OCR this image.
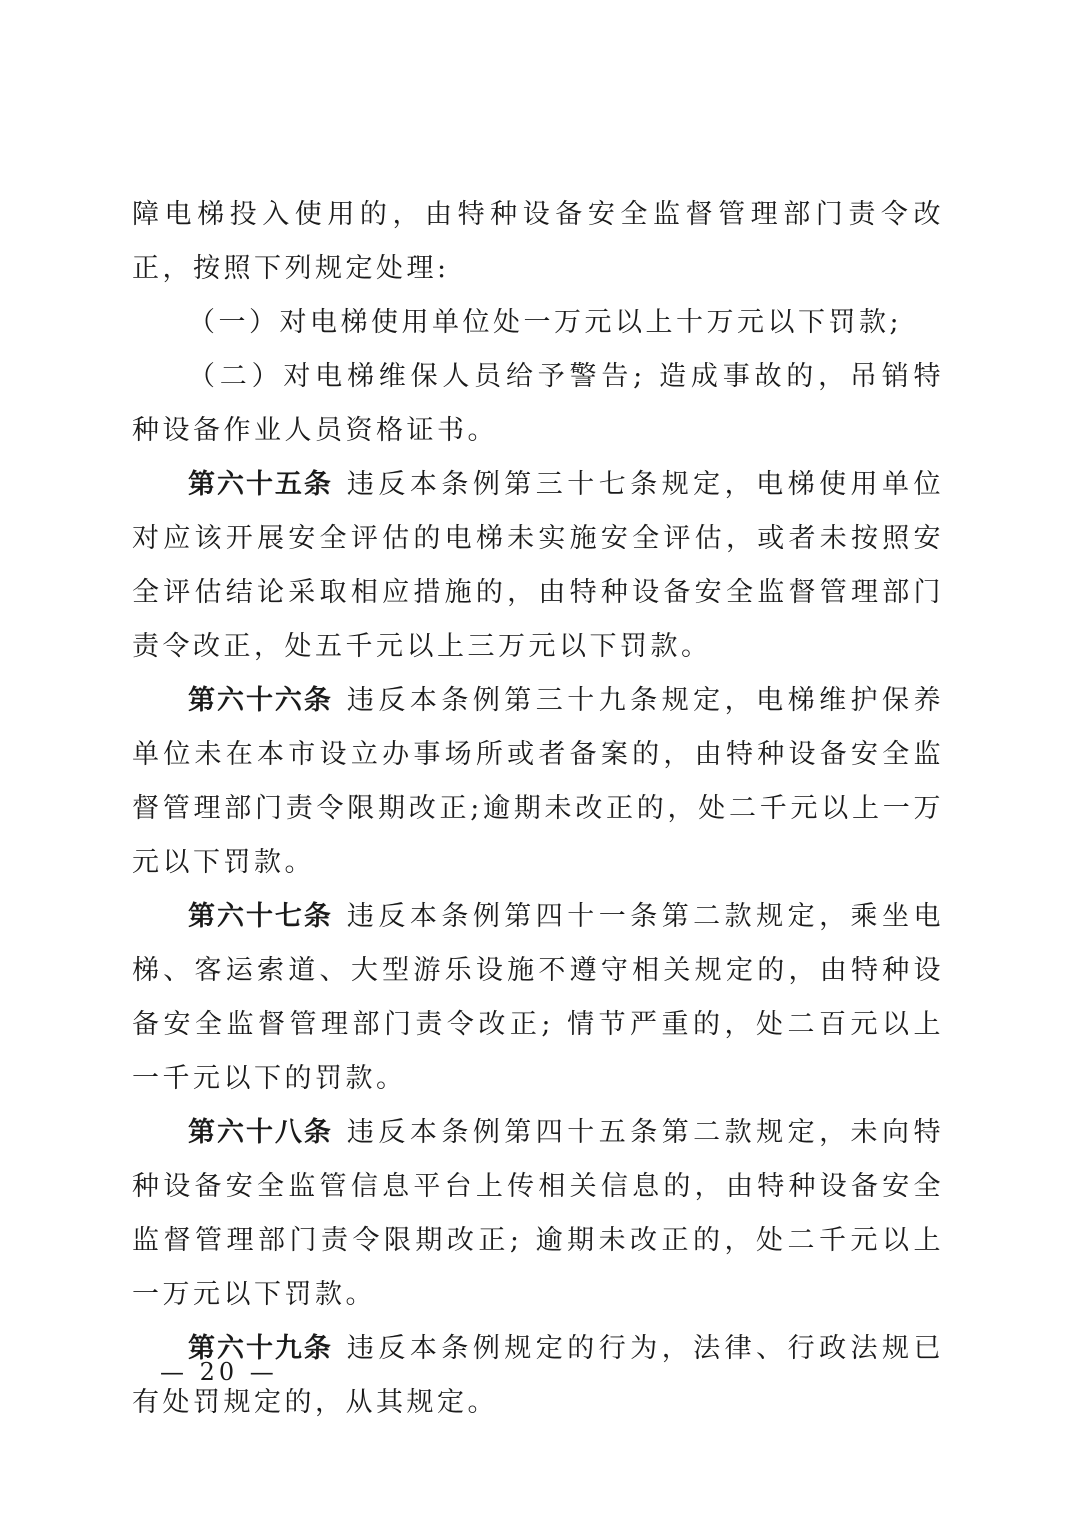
障电梯投入使用的，由特种设备安全监督管理部门责令改正，按照下列规定处理:

（一）对电梯使用单位处一万元以上十万元以下罚款;

（二）对电梯维保人员给予警告; 造成事故的，吊销特种设备作业人员资格证书。

第六十五条 违反本条例第三十七条规定，电梯使用单位对应该开展安全评估的电梯未实施安全评估，或者未按照安全评估结论采取相应措施的，由特种设备安全监督管理部门责令改正，处五千元以上三万元以下罚款。

第六十六条 违反本条例第三十九条规定，电梯维护保养单位未在本市设立办事场所或者备案的，由特种设备安全监督管理部门责令限期改正;逾期未改正的，处二千元以上一万元以下罚款。

第六十七条 违反本条例第四十一条第二款规定，乘坐电梯、客运索道、大型游乐设施不遵守相关规定的，由特种设备安全监督管理部门责令改正; 情节严重的，处二百元以上一千元以下的罚款。

第六十八条 违反本条例第四十五条第二款规定，未向特种设备安全监管信息平台上传相关信息的，由特种设备安全监督管理部门责令限期改正; 逾期未改正的，处二千元以上一万元以下罚款。

第六十九条 违反本条例规定的行为，法律、行政法规已有处罚规定的，从其规定。

— 20 —
